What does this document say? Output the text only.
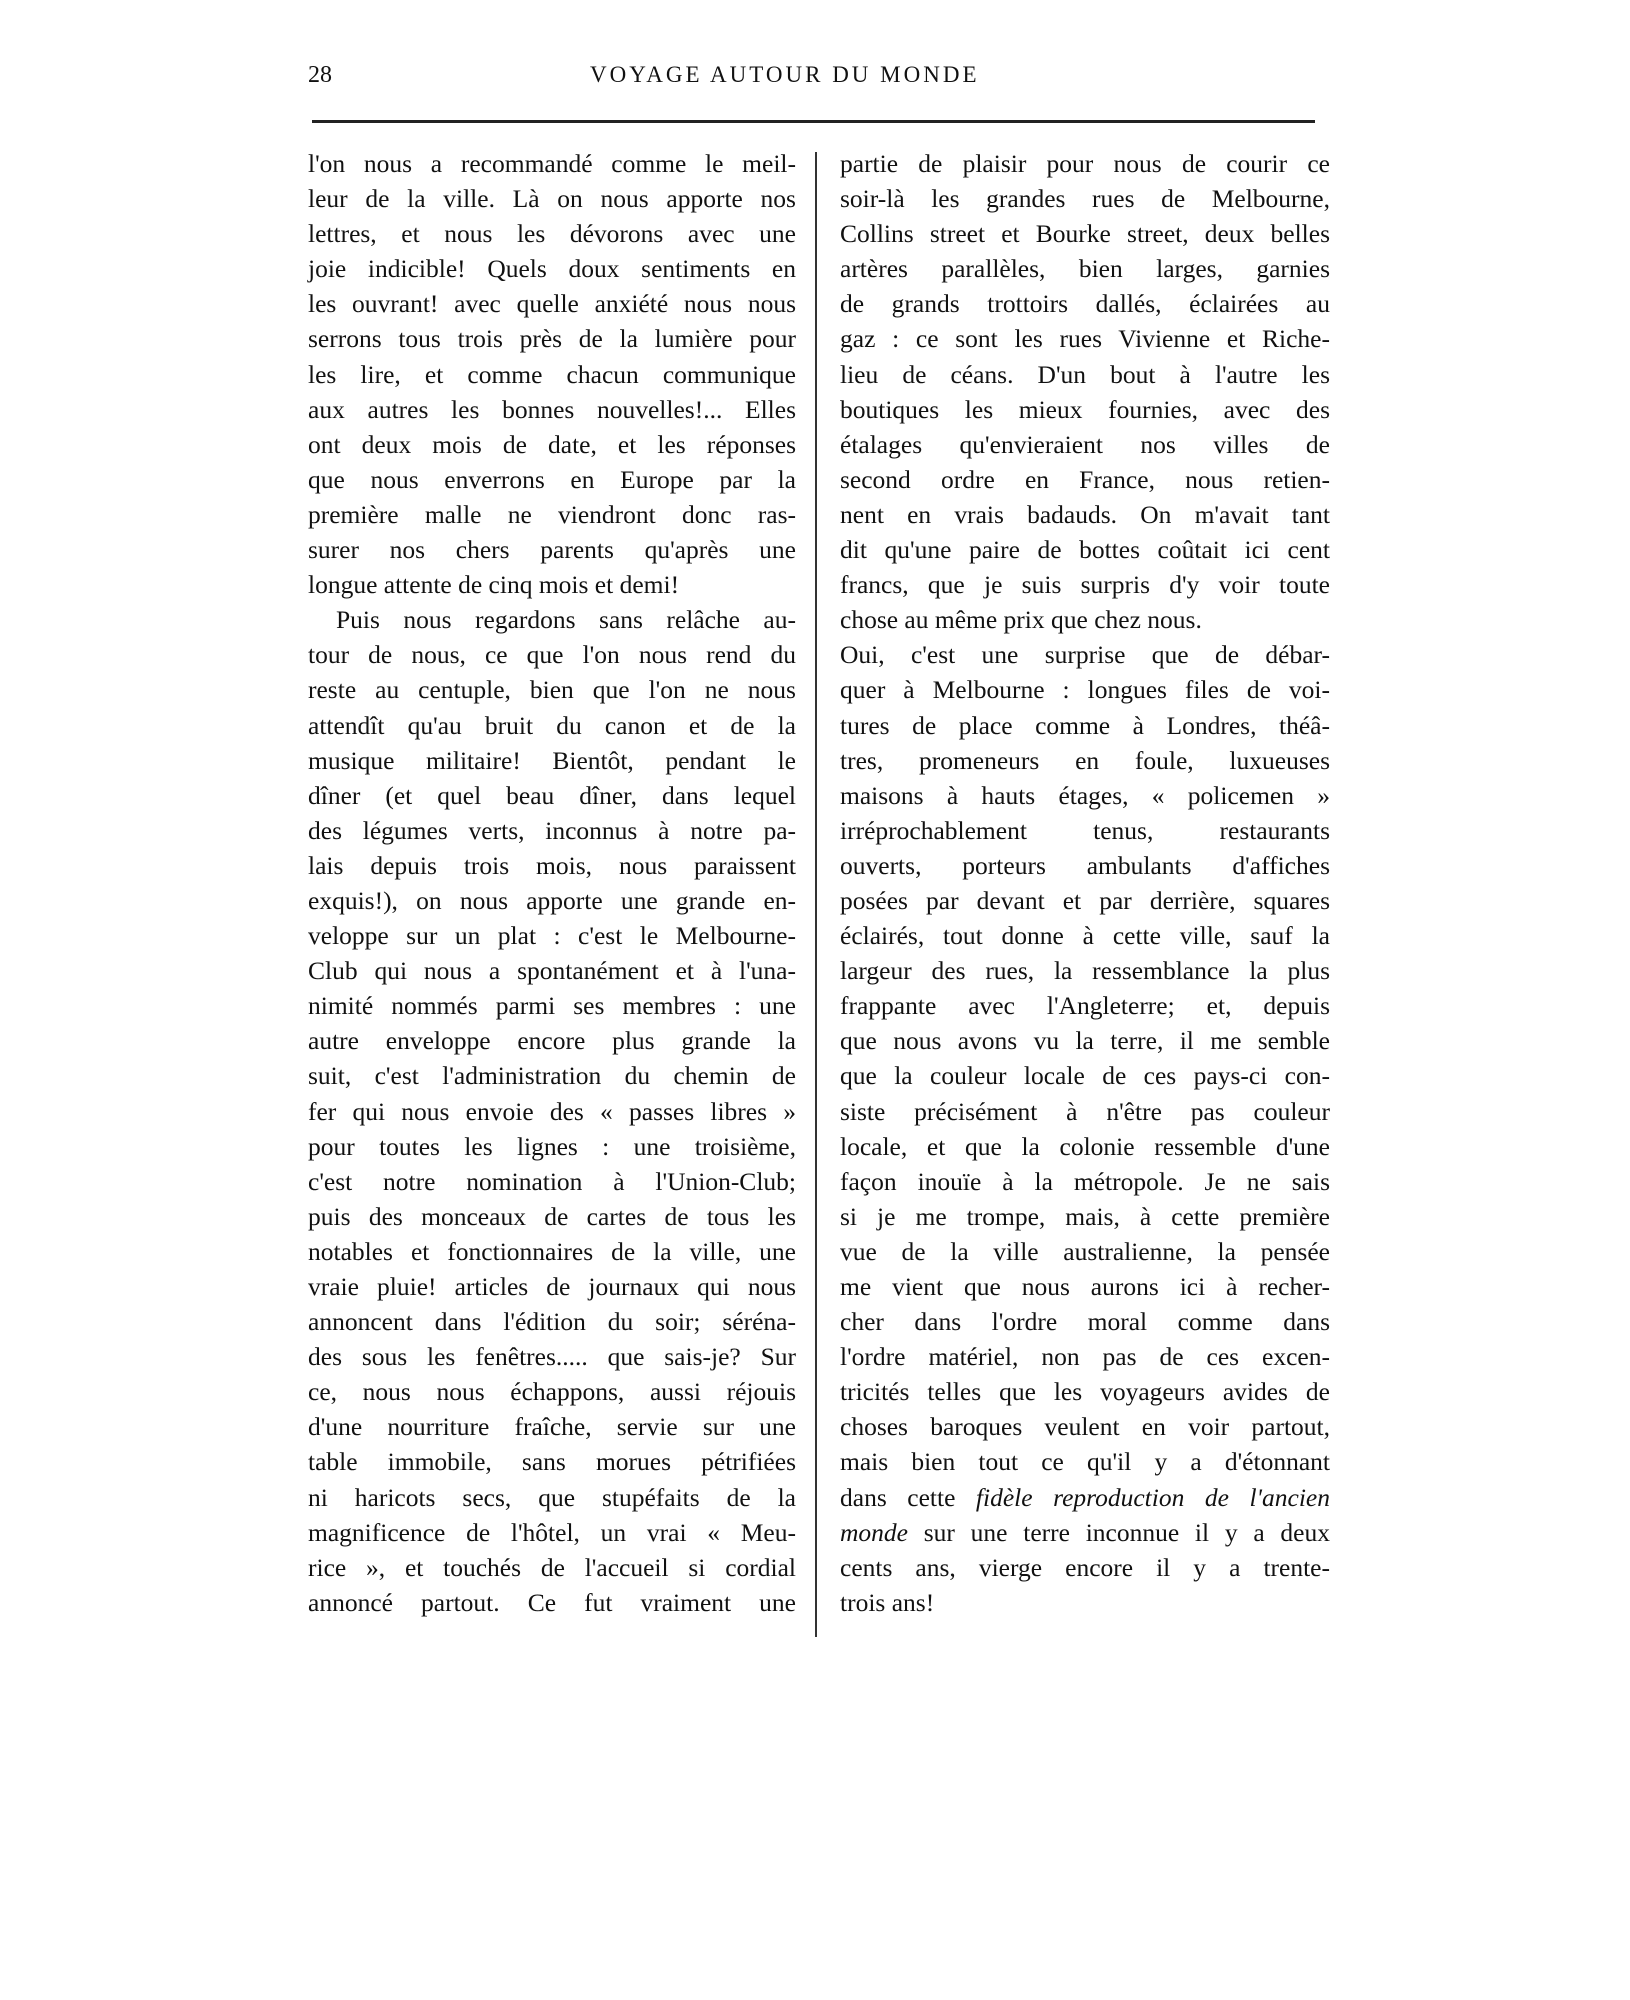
28	VOYAGE AUTOUR DU MONDE
l'on nous a recommandé comme le meil-
leur de la ville. Là on nous apporte nos
lettres, et nous les dévorons avec une
joie indicible! Quels doux sentiments en
les ouvrant! avec quelle anxiété nous nous
serrons tous trois près de la lumière pour
les lire, et comme chacun communique
aux autres les bonnes nouvelles!... Elles
ont deux mois de date, et les réponses
que nous enverrons en Europe par la
première malle ne viendront donc ras-
surer nos chers parents qu'après une
longue attente de cinq mois et demi!
Puis nous regardons sans relâche au-
tour de nous, ce que l'on nous rend du
reste au centuple, bien que l'on ne nous
attendît qu'au bruit du canon et de la
musique militaire! Bientôt, pendant le
dîner (et quel beau dîner, dans lequel
des légumes verts, inconnus à notre pa-
lais depuis trois mois, nous paraissent
exquis!), on nous apporte une grande en-
veloppe sur un plat : c'est le Melbourne-
Club qui nous a spontanément et à l'una-
nimité nommés parmi ses membres : une
autre enveloppe encore plus grande la
suit, c'est l'administration du chemin de
fer qui nous envoie des « passes libres »
pour toutes les lignes : une troisième,
c'est notre nomination à l'Union-Club;
puis des monceaux de cartes de tous les
notables et fonctionnaires de la ville, une
vraie pluie! articles de journaux qui nous
annoncent dans l'édition du soir; séréna-
des sous les fenêtres..... que sais-je? Sur
ce, nous nous échappons, aussi réjouis
d'une nourriture fraîche, servie sur une
table immobile, sans morues pétrifiées
ni haricots secs, que stupéfaits de la
magnificence de l'hôtel, un vrai « Meu-
rice », et touchés de l'accueil si cordial
annoncé partout. Ce fut vraiment une
partie de plaisir pour nous de courir ce
soir-là les grandes rues de Melbourne,
Collins street et Bourke street, deux belles
artères parallèles, bien larges, garnies
de grands trottoirs dallés, éclairées au
gaz : ce sont les rues Vivienne et Riche-
lieu de céans. D'un bout à l'autre les
boutiques les mieux fournies, avec des
étalages qu'envieraient nos villes de
second ordre en France, nous retien-
nent en vrais badauds. On m'avait tant
dit qu'une paire de bottes coûtait ici cent
francs, que je suis surpris d'y voir toute
chose au même prix que chez nous.
Oui, c'est une surprise que de débar-
quer à Melbourne : longues files de voi-
tures de place comme à Londres, théâ-
tres, promeneurs en foule, luxueuses
maisons à hauts étages, « policemen »
irréprochablement tenus, restaurants
ouverts, porteurs ambulants d'affiches
posées par devant et par derrière, squares
éclairés, tout donne à cette ville, sauf la
largeur des rues, la ressemblance la plus
frappante avec l'Angleterre; et, depuis
que nous avons vu la terre, il me semble
que la couleur locale de ces pays-ci con-
siste précisément à n'être pas couleur
locale, et que la colonie ressemble d'une
façon inouïe à la métropole. Je ne sais
si je me trompe, mais, à cette première
vue de la ville australienne, la pensée
me vient que nous aurons ici à recher-
cher dans l'ordre moral comme dans
l'ordre matériel, non pas de ces excen-
tricités telles que les voyageurs avides de
choses baroques veulent en voir partout,
mais bien tout ce qu'il y a d'étonnant
dans cette fidèle reproduction de l'ancien
monde sur une terre inconnue il y a deux
cents ans, vierge encore il y a trente-
trois ans!
